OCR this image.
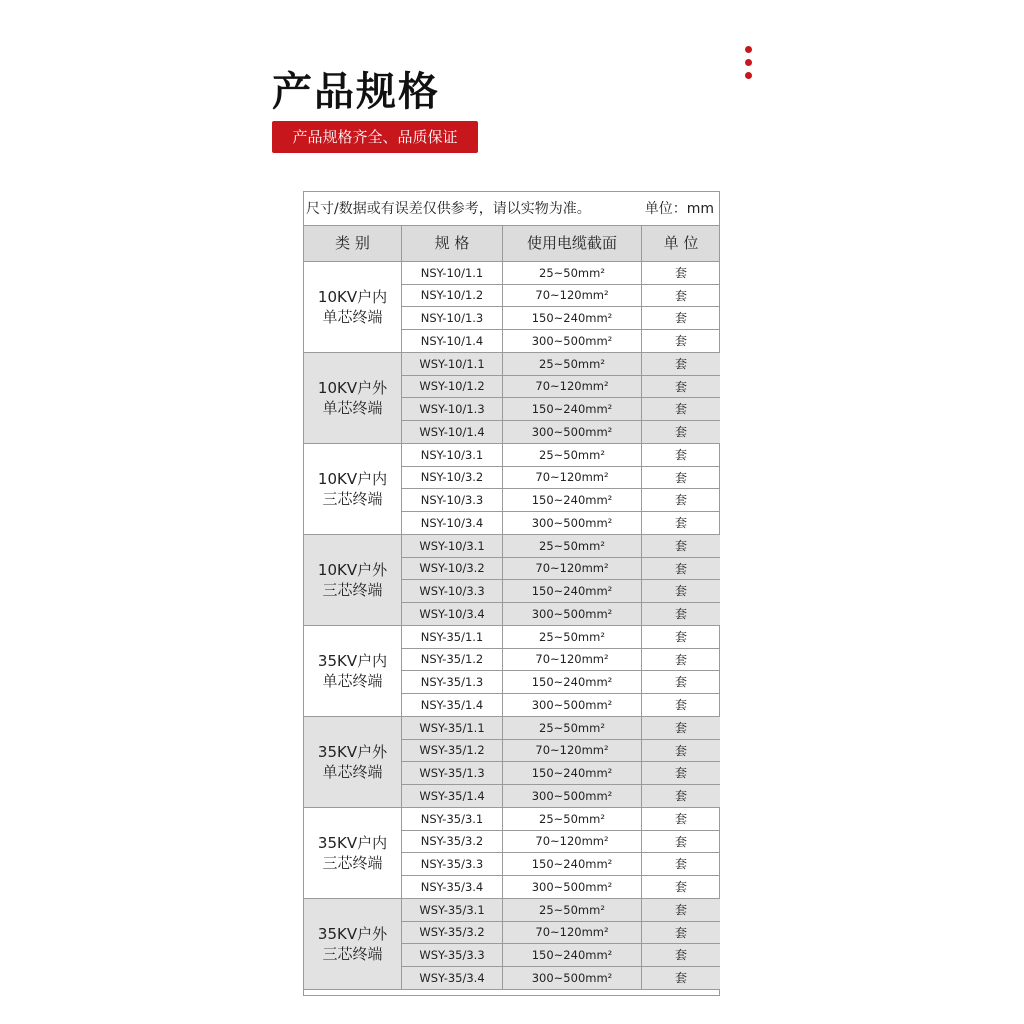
产品规格
产品规格齐全、品质保证
尺寸/数据或有误差仅供参考，请以实物为准。	单位：mm
类 别	规 格	使用电缆截面	单 位
10KV户内
单芯终端
NSY-10/1.1	25~50mm²	套
NSY-10/1.2	70~120mm²	套
NSY-10/1.3	150~240mm²	套
NSY-10/1.4	300~500mm²	套
10KV户外
单芯终端
WSY-10/1.1	25~50mm²	套
WSY-10/1.2	70~120mm²	套
WSY-10/1.3	150~240mm²	套
WSY-10/1.4	300~500mm²	套
10KV户内
三芯终端
NSY-10/3.1	25~50mm²	套
NSY-10/3.2	70~120mm²	套
NSY-10/3.3	150~240mm²	套
NSY-10/3.4	300~500mm²	套
10KV户外
三芯终端
WSY-10/3.1	25~50mm²	套
WSY-10/3.2	70~120mm²	套
WSY-10/3.3	150~240mm²	套
WSY-10/3.4	300~500mm²	套
35KV户内
单芯终端
NSY-35/1.1	25~50mm²	套
NSY-35/1.2	70~120mm²	套
NSY-35/1.3	150~240mm²	套
NSY-35/1.4	300~500mm²	套
35KV户外
单芯终端
WSY-35/1.1	25~50mm²	套
WSY-35/1.2	70~120mm²	套
WSY-35/1.3	150~240mm²	套
WSY-35/1.4	300~500mm²	套
35KV户内
三芯终端
NSY-35/3.1	25~50mm²	套
NSY-35/3.2	70~120mm²	套
NSY-35/3.3	150~240mm²	套
NSY-35/3.4	300~500mm²	套
35KV户外
三芯终端
WSY-35/3.1	25~50mm²	套
WSY-35/3.2	70~120mm²	套
WSY-35/3.3	150~240mm²	套
WSY-35/3.4	300~500mm²	套
